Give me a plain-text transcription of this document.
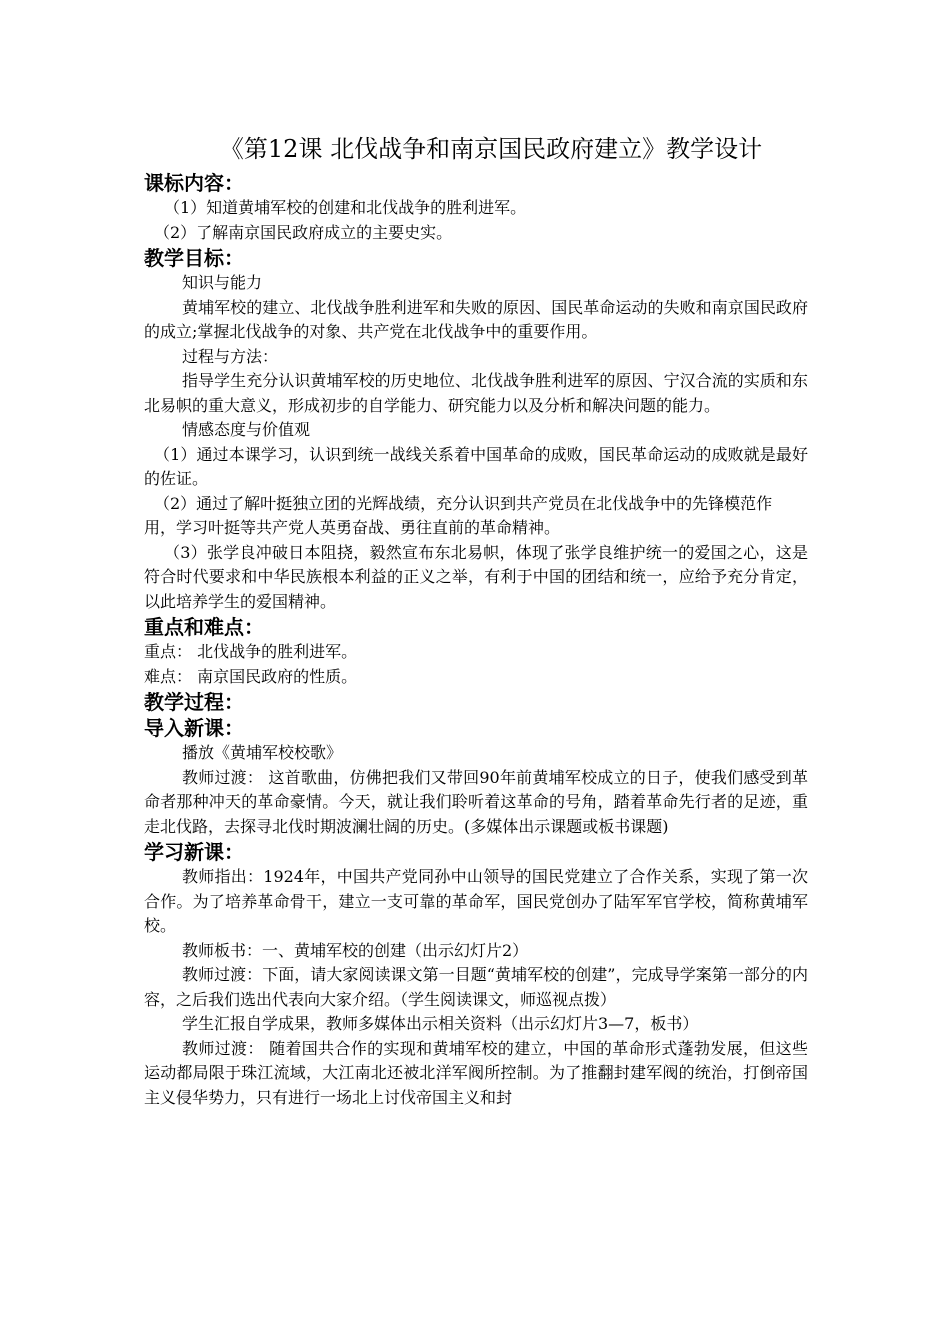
《第12课 北伐战争和南京国民政府建立》教学设计
课标内容：
（1）知道黄埔军校的创建和北伐战争的胜利进军。
（2）了解南京国民政府成立的主要史实。
教学目标：
知识与能力
黄埔军校的建立、北伐战争胜利进军和失败的原因、国民革命运动的失败和南京国民政府的成立;掌握北伐战争的对象、共产党在北伐战争中的重要作用。
过程与方法：
指导学生充分认识黄埔军校的历史地位、北伐战争胜利进军的原因、宁汉合流的实质和东北易帜的重大意义，形成初步的自学能力、研究能力以及分析和解决问题的能力。
情感态度与价值观
（1）通过本课学习，认识到统一战线关系着中国革命的成败，国民革命运动的成败就是最好的佐证。
（2）通过了解叶挺独立团的光辉战绩，充分认识到共产党员在北伐战争中的先锋模范作
用，学习叶挺等共产党人英勇奋战、勇往直前的革命精神。
（3）张学良冲破日本阻挠，毅然宣布东北易帜，体现了张学良维护统一的爱国之心，这是符合时代要求和中华民族根本利益的正义之举，有利于中国的团结和统一，应给予充分肯定，以此培养学生的爱国精神。
重点和难点：
重点： 北伐战争的胜利进军。
难点： 南京国民政府的性质。
教学过程：
导入新课：
播放《黄埔军校校歌》
教师过渡： 这首歌曲，仿佛把我们又带回90年前黄埔军校成立的日子，使我们感受到革命者那种冲天的革命豪情。今天，就让我们聆听着这革命的号角，踏着革命先行者的足迹，重走北伐路，去探寻北伐时期波澜壮阔的历史。(多媒体出示课题或板书课题)
学习新课：
教师指出：1924年，中国共产党同孙中山领导的国民党建立了合作关系，实现了第一次合作。为了培养革命骨干，建立一支可靠的革命军，国民党创办了陆军军官学校，简称黄埔军校。
教师板书：一、黄埔军校的创建（出示幻灯片2）
教师过渡：下面，请大家阅读课文第一目题“黄埔军校的创建”，完成导学案第一部分的内容，之后我们选出代表向大家介绍。（学生阅读课文，师巡视点拨）
学生汇报自学成果，教师多媒体出示相关资料（出示幻灯片3—7，板书）
教师过渡： 随着国共合作的实现和黄埔军校的建立，中国的革命形式蓬勃发展，但这些运动都局限于珠江流域，大江南北还被北洋军阀所控制。为了推翻封建军阀的统治，打倒帝国主义侵华势力，只有进行一场北上讨伐帝国主义和封
